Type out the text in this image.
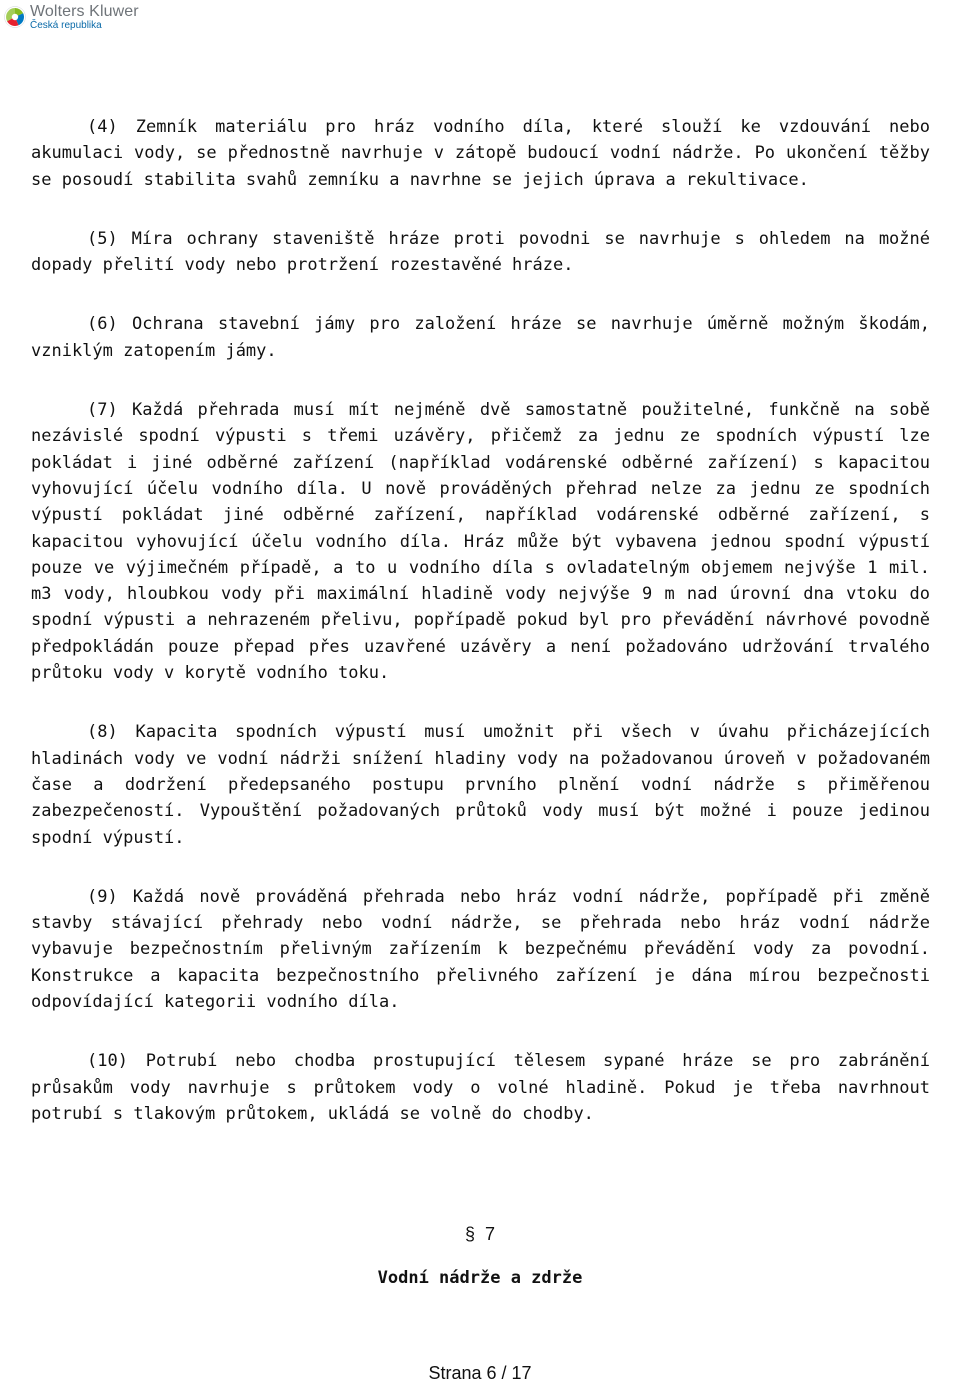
Wolters Kluwer
Česká republika

(4) Zemník materiálu pro hráz vodního díla, které slouží ke vzdouvání nebo akumulaci vody, se přednostně navrhuje v zátopě budoucí vodní nádrže. Po ukončení těžby se posoudí stabilita svahů zemníku a navrhne se jejich úprava a rekultivace.

(5) Míra ochrany staveniště hráze proti povodni se navrhuje s ohledem na možné dopady přelití vody nebo protržení rozestavěné hráze.

(6) Ochrana stavební jámy pro založení hráze se navrhuje úměrně možným škodám, vzniklým zatopením jámy.

(7) Každá přehrada musí mít nejméně dvě samostatně použitelné, funkčně na sobě nezávislé spodní výpusti s třemi uzávěry, přičemž za jednu ze spodních výpustí lze pokládat i jiné odběrné zařízení (například vodárenské odběrné zařízení) s kapacitou vyhovující účelu vodního díla. U nově prováděných přehrad nelze za jednu ze spodních výpustí pokládat jiné odběrné zařízení, například vodárenské odběrné zařízení, s kapacitou vyhovující účelu vodního díla. Hráz může být vybavena jednou spodní výpustí pouze ve výjimečném případě, a to u vodního díla s ovladatelným objemem nejvýše 1 mil. m3 vody, hloubkou vody při maximální hladině vody nejvýše 9 m nad úrovní dna vtoku do spodní výpusti a nehrazeném přelivu, popřípadě pokud byl pro převádění návrhové povodně předpokládán pouze přepad přes uzavřené uzávěry a není požadováno udržování trvalého průtoku vody v korytě vodního toku.

(8) Kapacita spodních výpustí musí umožnit při všech v úvahu přicházejících hladinách vody ve vodní nádrži snížení hladiny vody na požadovanou úroveň v požadovaném čase a dodržení předepsaného postupu prvního plnění vodní nádrže s přiměřenou zabezpečeností. Vypouštění požadovaných průtoků vody musí být možné i pouze jedinou spodní výpustí.

(9) Každá nově prováděná přehrada nebo hráz vodní nádrže, popřípadě při změně stavby stávající přehrady nebo vodní nádrže, se přehrada nebo hráz vodní nádrže vybavuje bezpečnostním přelivným zařízením k bezpečnému převádění vody za povodní. Konstrukce a kapacita bezpečnostního přelivného zařízení je dána mírou bezpečnosti odpovídající kategorii vodního díla.

(10) Potrubí nebo chodba prostupující tělesem sypané hráze se pro zabránění průsakům vody navrhuje s průtokem vody o volné hladině. Pokud je třeba navrhnout potrubí s tlakovým průtokem, ukládá se volně do chodby.

§ 7
Vodní nádrže a zdrže
Strana 6 / 17
